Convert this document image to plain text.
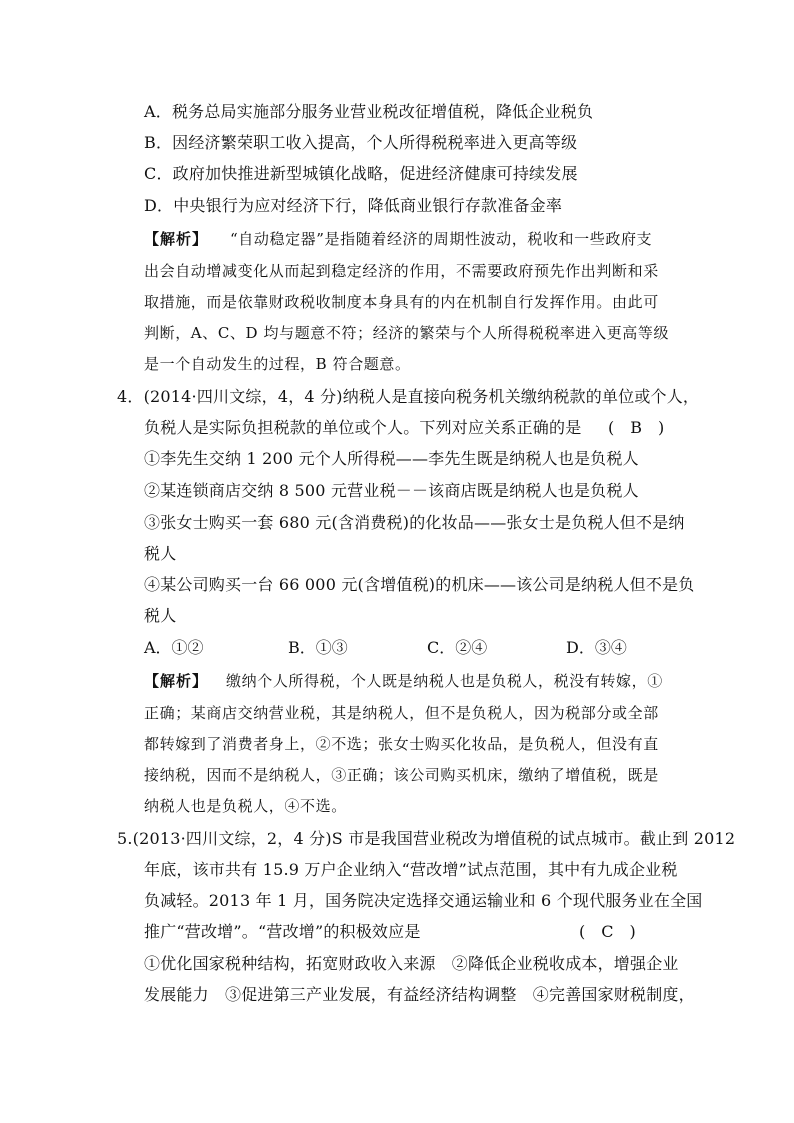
A．税务总局实施部分服务业营业税改征增值税，降低企业税负
B．因经济繁荣职工收入提高，个人所得税税率进入更高等级
C．政府加快推进新型城镇化战略，促进经济健康可持续发展
D．中央银行为应对经济下行，降低商业银行存款准备金率
【解析】 “自动稳定器”是指随着经济的周期性波动，税收和一些政府支
出会自动增减变化从而起到稳定经济的作用，不需要政府预先作出判断和采
取措施，而是依靠财政税收制度本身具有的内在机制自行发挥作用。由此可
判断，A、C、D 均与题意不符；经济的繁荣与个人所得税税率进入更高等级
是一个自动发生的过程，B 符合题意。
4．(2014·四川文综，4，4 分)纳税人是直接向税务机关缴纳税款的单位或个人，
负税人是实际负担税款的单位或个人。下列对应关系正确的是 (　B　)
①李先生交纳 1 200 元个人所得税——李先生既是纳税人也是负税人
②某连锁商店交纳 8 500 元营业税－－该商店既是纳税人也是负税人
③张女士购买一套 680 元(含消费税)的化妆品——张女士是负税人但不是纳
税人
④某公司购买一台 66 000 元(含增值税)的机床——该公司是纳税人但不是负
税人
A．①②	B．①③	C．②④	D．③④
【解析】 缴纳个人所得税，个人既是纳税人也是负税人，税没有转嫁，①
正确；某商店交纳营业税，其是纳税人，但不是负税人，因为税部分或全部
都转嫁到了消费者身上，②不选；张女士购买化妆品，是负税人，但没有直
接纳税，因而不是纳税人，③正确；该公司购买机床，缴纳了增值税，既是
纳税人也是负税人，④不选。
5.(2013·四川文综，2，4 分)S 市是我国营业税改为增值税的试点城市。截止到 2012
年底，该市共有 15.9 万户企业纳入“营改增”试点范围，其中有九成企业税
负减轻。2013 年 1 月，国务院决定选择交通运输业和 6 个现代服务业在全国
推广“营改增”。“营改增”的积极效应是	(　C　)
①优化国家税种结构，拓宽财政收入来源　②降低企业税收成本，增强企业
发展能力　③促进第三产业发展，有益经济结构调整　④完善国家财税制度，
